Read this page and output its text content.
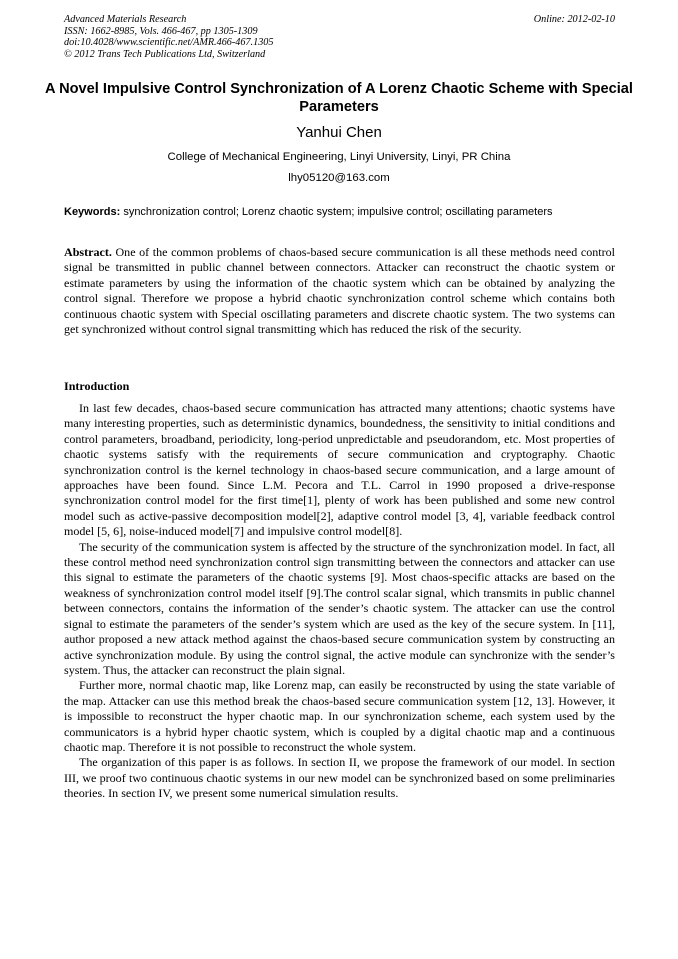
Advanced Materials Research
ISSN: 1662-8985, Vols. 466-467, pp 1305-1309
doi:10.4028/www.scientific.net/AMR.466-467.1305
© 2012 Trans Tech Publications Ltd, Switzerland
Online: 2012-02-10
A Novel Impulsive Control Synchronization of A Lorenz Chaotic Scheme with Special Parameters
Yanhui Chen
College of Mechanical Engineering, Linyi University, Linyi, PR China
lhy05120@163.com
Keywords: synchronization control; Lorenz chaotic system; impulsive control; oscillating parameters
Abstract. One of the common problems of chaos-based secure communication is all these methods need control signal be transmitted in public channel between connectors. Attacker can reconstruct the chaotic system or estimate parameters by using the information of the chaotic system which can be obtained by analyzing the control signal. Therefore we propose a hybrid chaotic synchronization control scheme which contains both continuous chaotic system with Special oscillating parameters and discrete chaotic system. The two systems can get synchronized without control signal transmitting which has reduced the risk of the security.
Introduction

In last few decades, chaos-based secure communication has attracted many attentions; chaotic systems have many interesting properties, such as deterministic dynamics, boundedness, the sensitivity to initial conditions and control parameters, broadband, periodicity, long-period unpredictable and pseudorandom, etc. Most properties of chaotic systems satisfy with the requirements of secure communication and cryptography. Chaotic synchronization control is the kernel technology in chaos-based secure communication, and a large amount of approaches have been found. Since L.M. Pecora and T.L. Carrol in 1990 proposed a drive-response synchronization control model for the first time[1], plenty of work has been published and some new control model such as active-passive decomposition model[2], adaptive control model [3, 4], variable feedback control model [5, 6], noise-induced model[7] and impulsive control model[8].

The security of the communication system is affected by the structure of the synchronization model. In fact, all these control method need synchronization control sign transmitting between the connectors and attacker can use this signal to estimate the parameters of the chaotic systems [9]. Most chaos-specific attacks are based on the weakness of synchronization control model itself [9].The control scalar signal, which transmits in public channel between connectors, contains the information of the sender’s chaotic system. The attacker can use the control signal to estimate the parameters of the sender’s system which are used as the key of the secure system. In [11], author proposed a new attack method against the chaos-based secure communication system by constructing an active synchronization module. By using the control signal, the active module can synchronize with the sender’s system. Thus, the attacker can reconstruct the plain signal.

Further more, normal chaotic map, like Lorenz map, can easily be reconstructed by using the state variable of the map. Attacker can use this method break the chaos-based secure communication system [12, 13]. However, it is impossible to reconstruct the hyper chaotic map. In our synchronization scheme, each system used by the communicators is a hybrid hyper chaotic system, which is coupled by a digital chaotic map and a continuous chaotic map. Therefore it is not possible to reconstruct the whole system.

The organization of this paper is as follows. In section II, we propose the framework of our model. In section III, we proof two continuous chaotic systems in our new model can be synchronized based on some preliminaries theories. In section IV, we present some numerical simulation results.
